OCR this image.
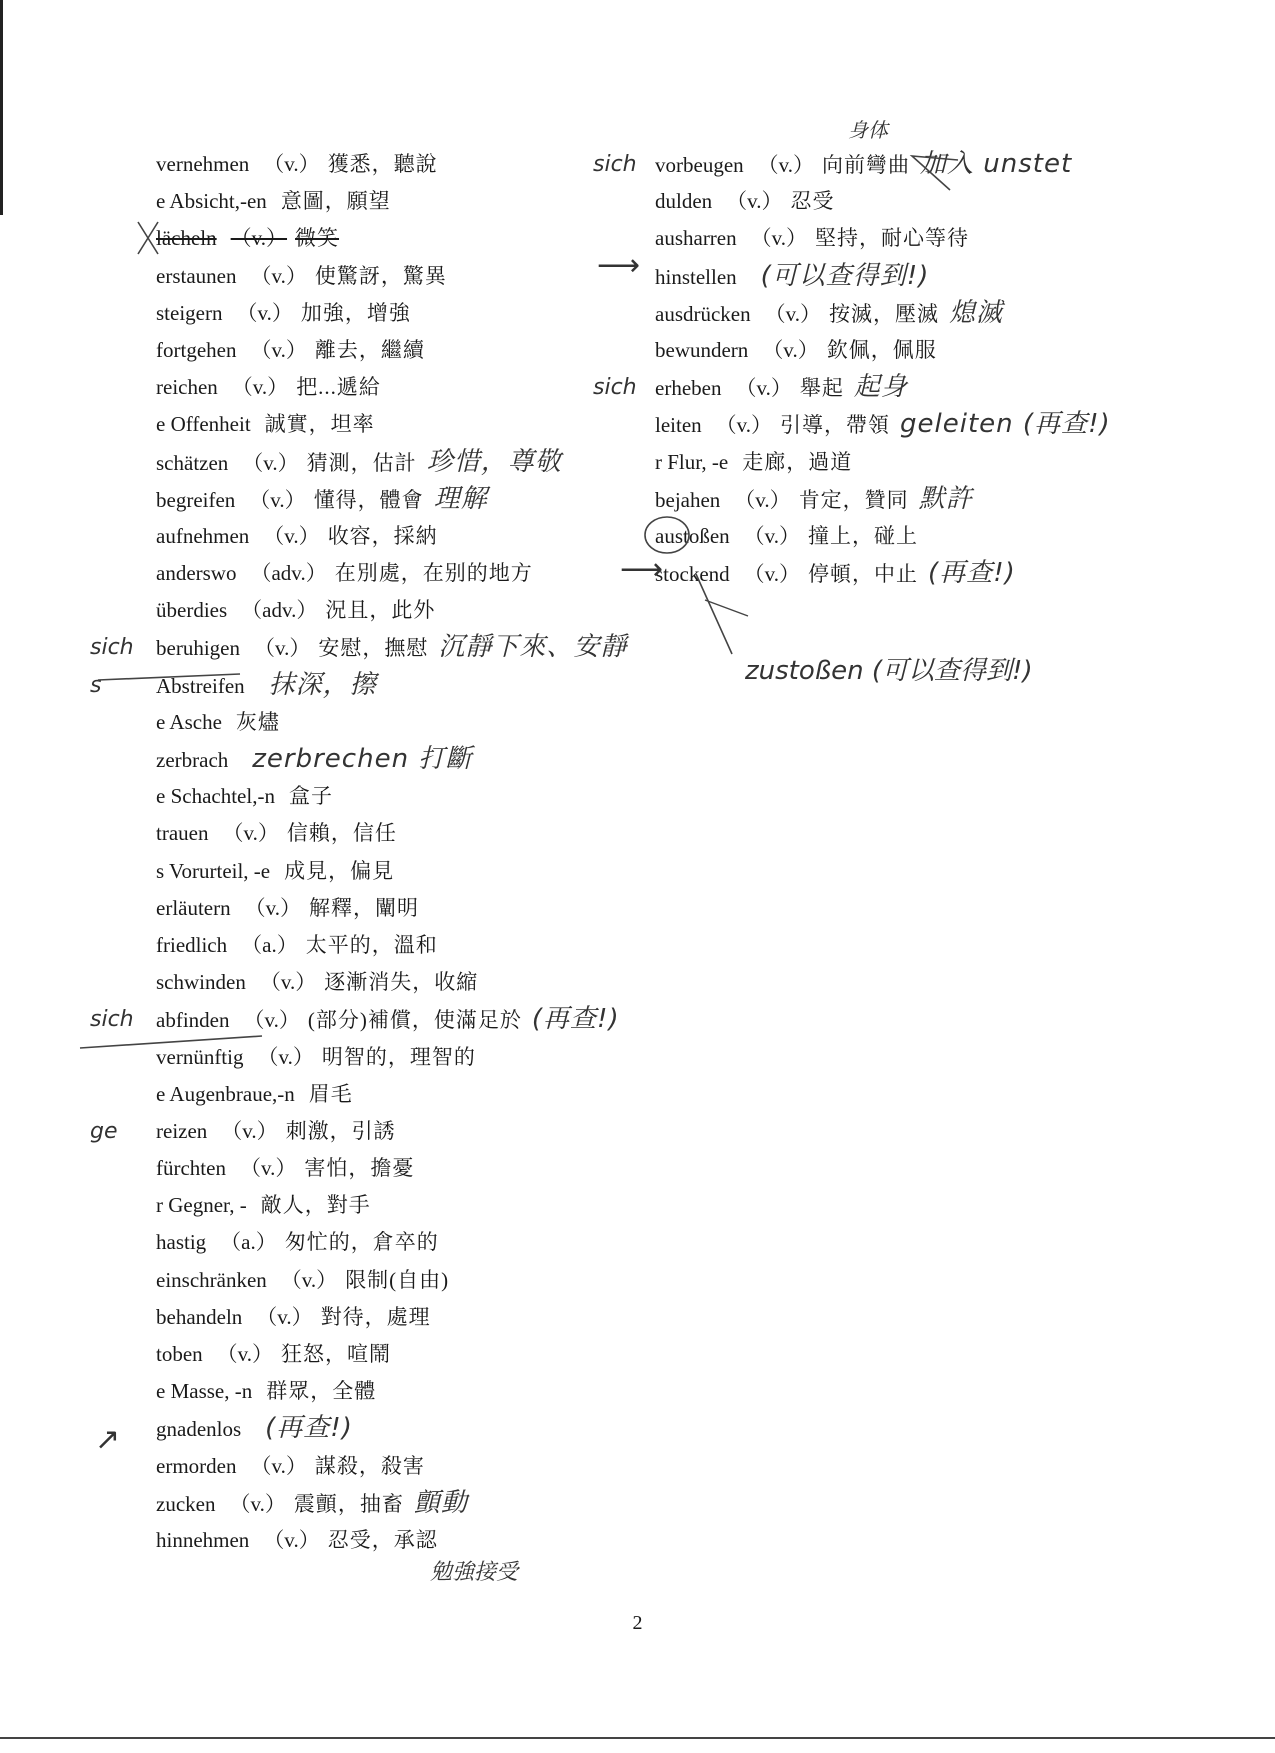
vernehmen （v.） 獲悉，聽說
e Absicht,-en 意圖，願望
lächeln （v.） 微笑
erstaunen （v.） 使驚訝，驚異
steigern （v.） 加強，增強
fortgehen （v.） 離去，繼續
reichen （v.） 把...遞給
e Offenheit 誠實，坦率
schätzen （v.） 猜測，估計 珍惜，尊敬
begreifen （v.） 懂得，體會 理解
aufnehmen （v.） 收容，採納
anderswo （adv.） 在別處，在别的地方
überdies （adv.） 況且，此外
sich beruhigen （v.） 安慰，撫慰 沉靜下來、安靜
s	Abstreifen 抹深，擦
e Asche 灰燼
zerbrach zerbrechen 打斷
e Schachtel,-n 盒子
trauen （v.） 信賴，信任
s Vorurteil, -e 成見，偏見
erläutern （v.） 解釋，闡明
friedlich （a.） 太平的，溫和
schwinden （v.） 逐漸消失，收縮
sich abfinden （v.） (部分)補償，使滿足於 (再查!)
vernünftig （v.） 明智的，理智的
e Augenbraue,-n 眉毛
ge reizen （v.） 刺激，引誘
fürchten （v.） 害怕，擔憂
r Gegner, - 敵人，對手
hastig （a.） 匆忙的，倉卒的
einschränken （v.） 限制(自由)
behandeln （v.） 對待，處理
toben （v.） 狂怒，喧鬧
e Masse, -n 群眾，全體
gnadenlos (再查!)
ermorden （v.） 謀殺，殺害
zucken （v.） 震顫，抽畜 顫動
hinnehmen （v.） 忍受，承認
sich vorbeugen （v.） 向前彎曲 加入 unstet
dulden （v.） 忍受
ausharren （v.） 堅持，耐心等待
hinstellen (可以查得到!)
ausdrücken （v.） 按滅，壓滅 熄滅
bewundern （v.） 欽佩，佩服
sich erheben （v.） 舉起 起身
leiten （v.） 引導，帶領 geleiten (再查!)
r Flur, -e 走廊，過道
bejahen （v.） 肯定，贊同 默許
austoßen （v.） 撞上，碰上
stockend （v.） 停頓，中止 (再查!)
身体
勉強接受
zustoßen (可以查得到!)
⟶
⟶
↗
2
